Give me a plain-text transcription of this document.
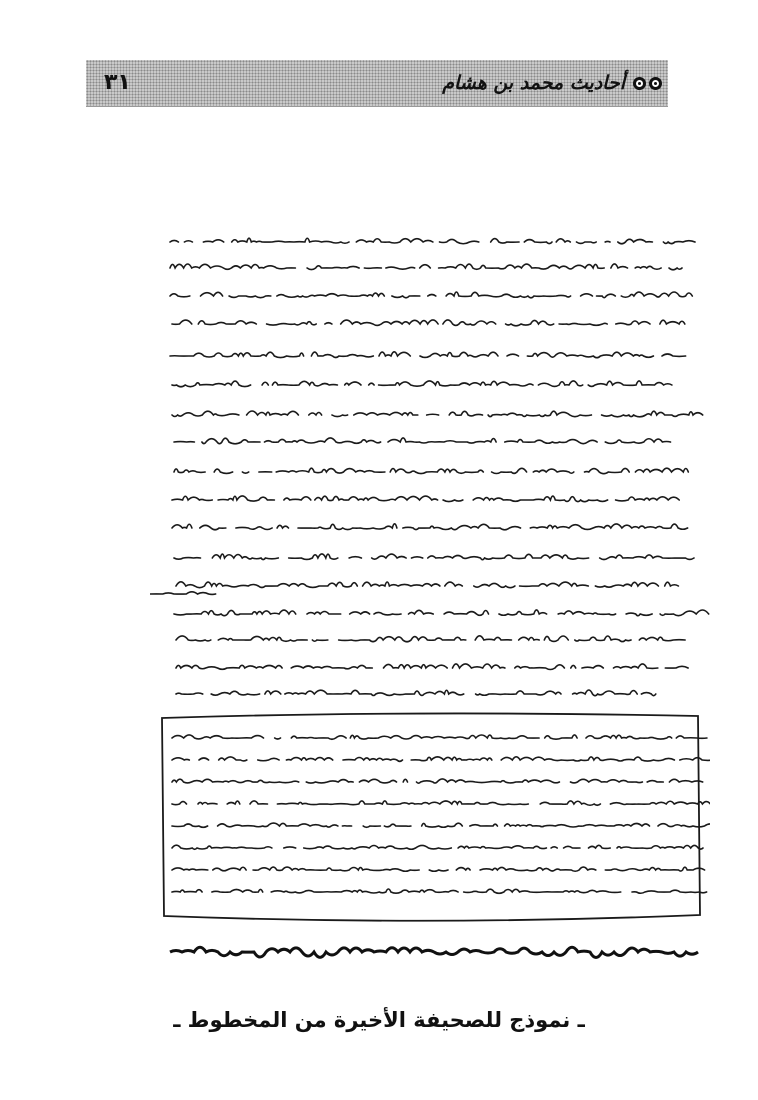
٣١	أحاديث محمد بن هشام
ـ نموذج للصحيفة الأخيرة من المخطوط ـ
